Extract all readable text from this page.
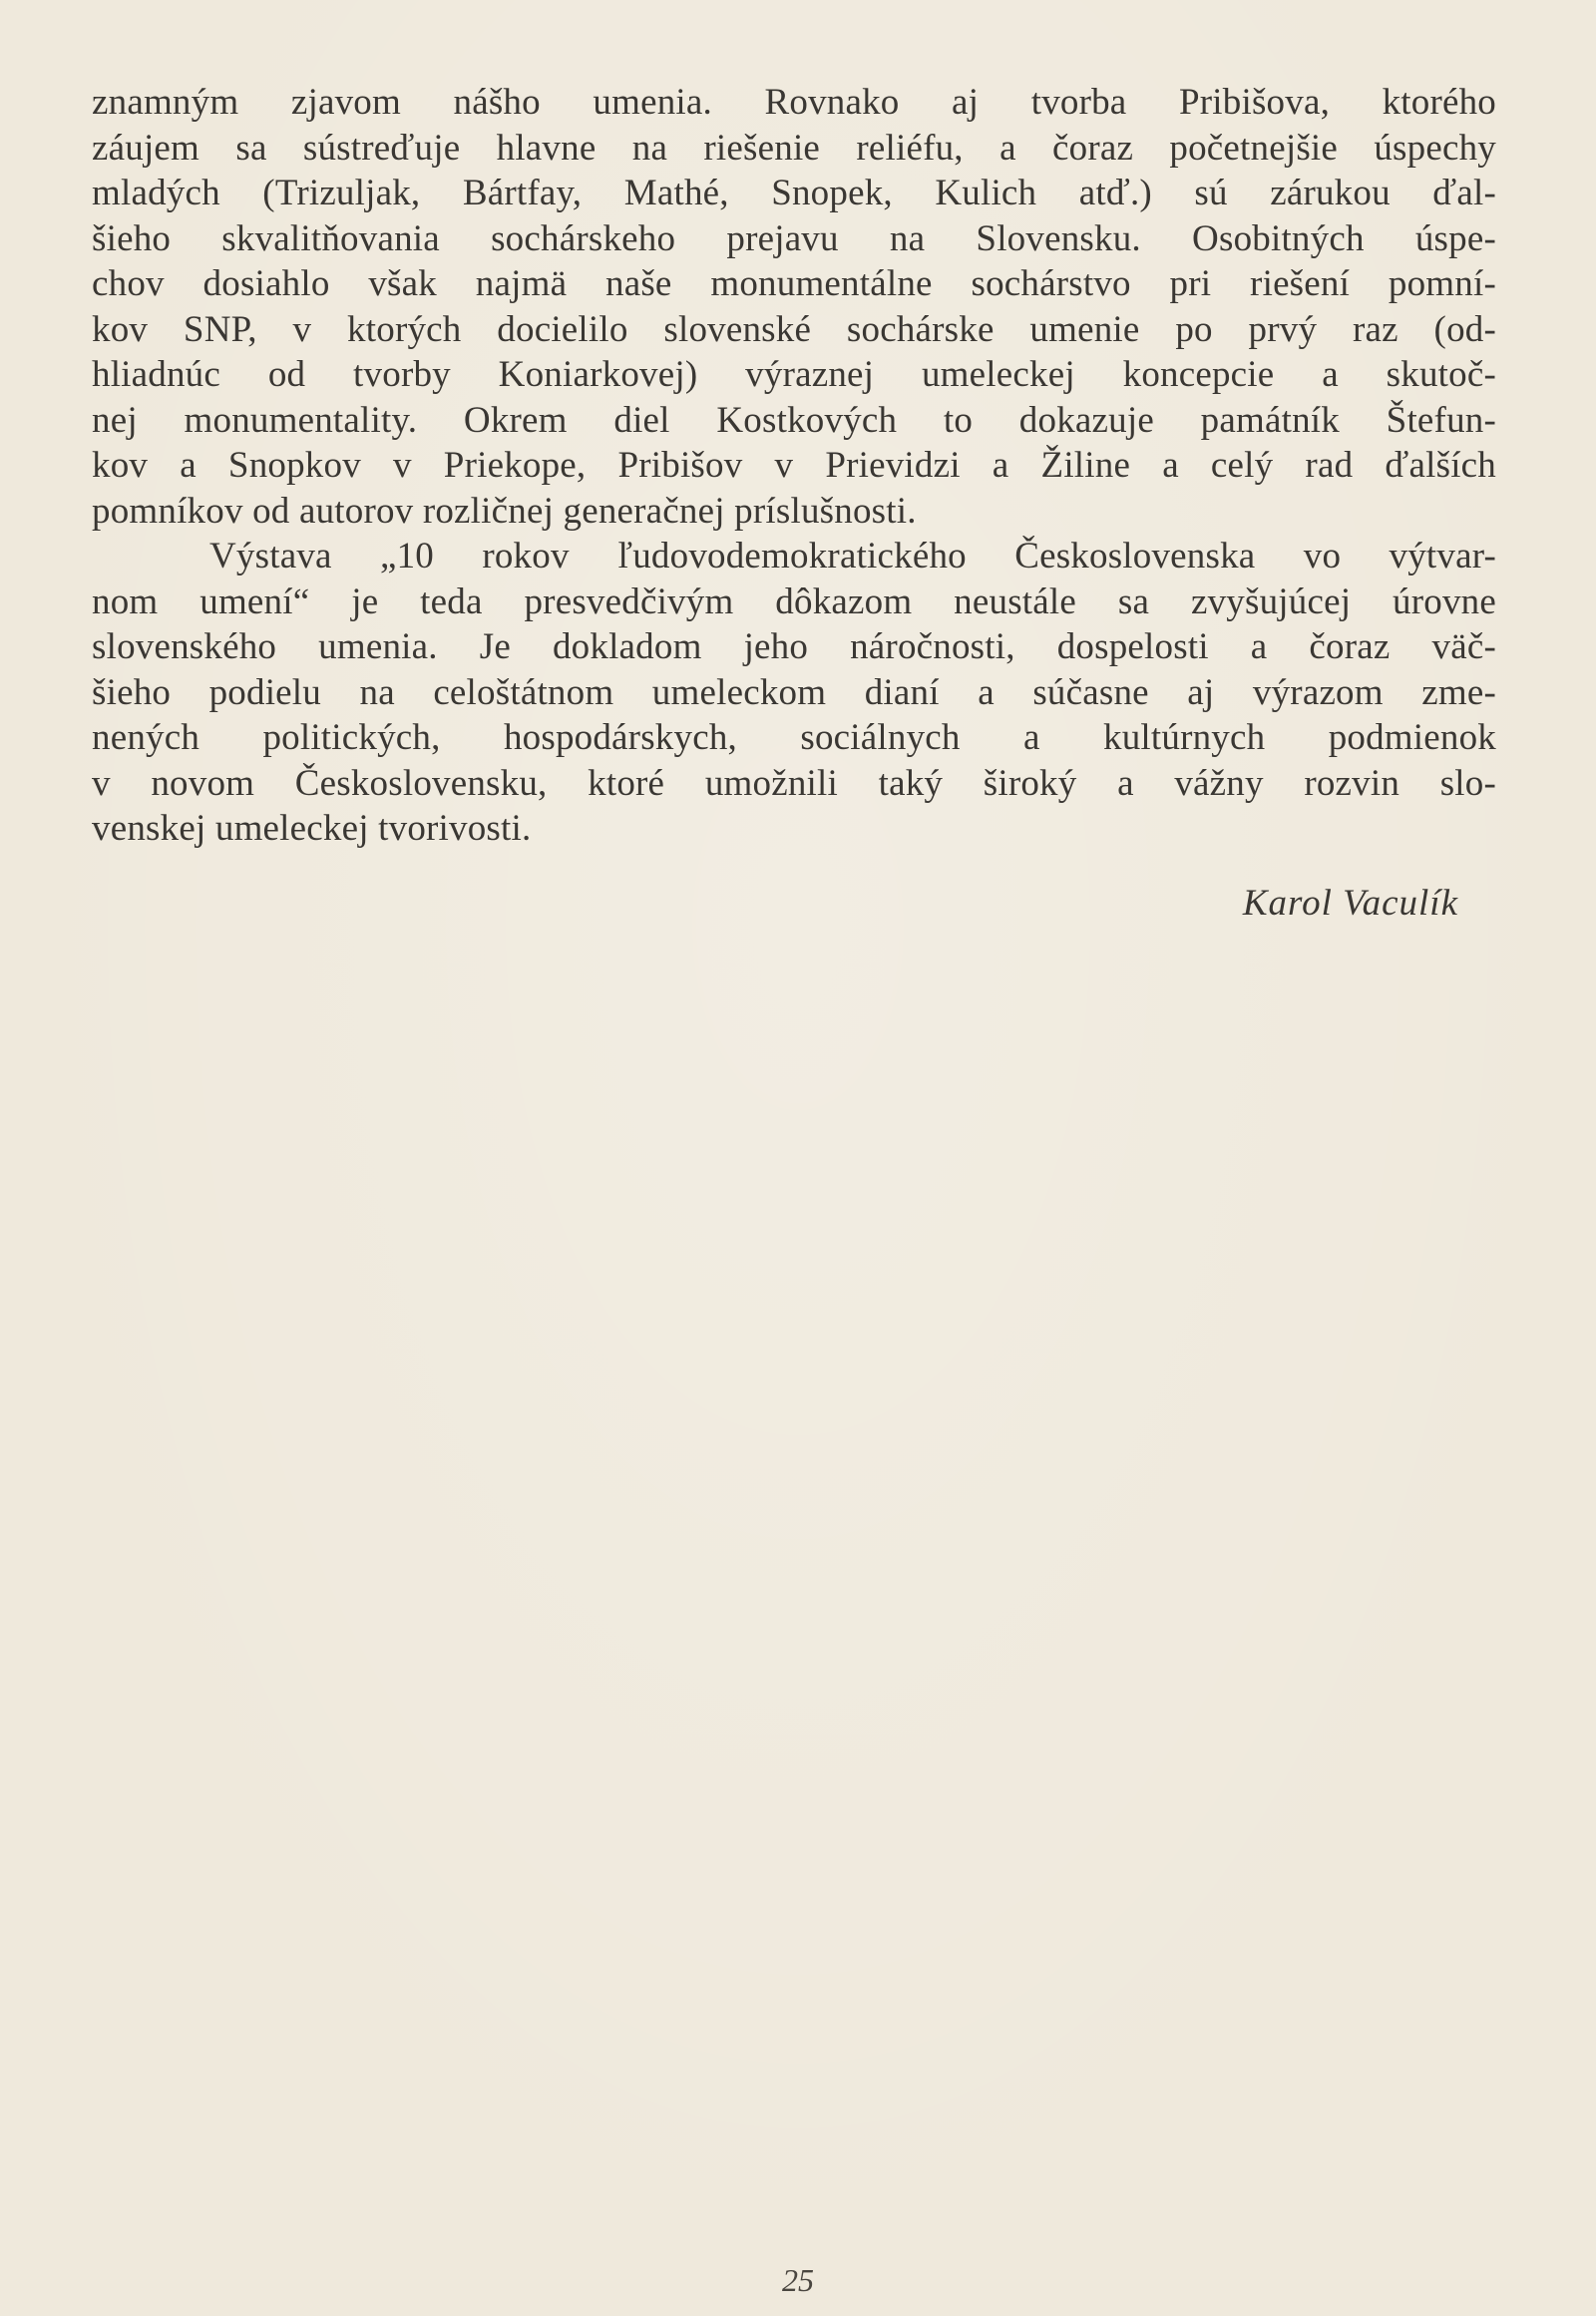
znamným zjavom nášho umenia. Rovnako aj tvorba Pribišova, ktorého
záujem sa sústreďuje hlavne na riešenie reliéfu, a čoraz početnejšie úspechy
mladých (Trizuljak, Bártfay, Mathé, Snopek, Kulich atď.) sú zárukou ďal-
šieho skvalitňovania sochárskeho prejavu na Slovensku. Osobitných úspe-
chov dosiahlo však najmä naše monumentálne sochárstvo pri riešení pomní-
kov SNP, v ktorých docielilo slovenské sochárske umenie po prvý raz (od-
hliadnúc od tvorby Koniarkovej) výraznej umeleckej koncepcie a skutoč-
nej monumentality. Okrem diel Kostkových to dokazuje památník Štefun-
kov a Snopkov v Priekope, Pribišov v Prievidzi a Žiline a celý rad ďalších
pomníkov od autorov rozličnej generačnej príslušnosti.
Výstava „10 rokov ľudovodemokratického Československa vo výtvar-
nom umení“ je teda presvedčivým dôkazom neustále sa zvyšujúcej úrovne
slovenského umenia. Je dokladom jeho náročnosti, dospelosti a čoraz väč-
šieho podielu na celoštátnom umeleckom dianí a súčasne aj výrazom zme-
nených politických, hospodárskych, sociálnych a kultúrnych podmienok
v novom Československu, ktoré umožnili taký široký a vážny rozvin slo-
venskej umeleckej tvorivosti.
Karol Vaculík
25
